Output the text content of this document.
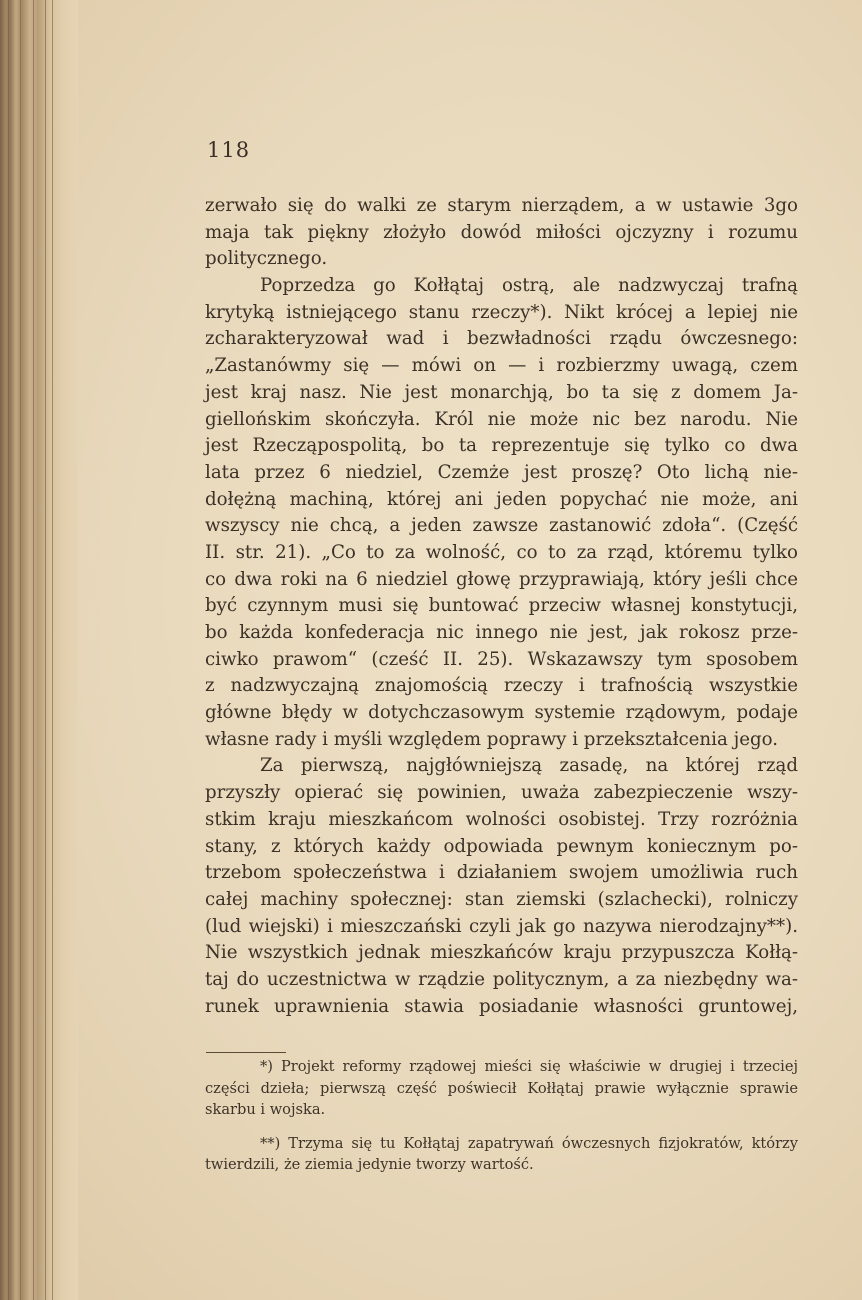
118
zerwało się do walki ze starym nierządem, a w ustawie 3go
maja tak piękny złożyło dowód miłości ojczyzny i rozumu
politycznego.
Poprzedza go Kołłątaj ostrą, ale nadzwyczaj trafną
krytyką istniejącego stanu rzeczy*). Nikt krócej a lepiej nie
zcharakteryzował wad i bezwładności rządu ówczesnego:
„Zastanówmy się — mówi on — i rozbierzmy uwagą, czem
jest kraj nasz. Nie jest monarchją, bo ta się z domem Ja-
giellońskim skończyła. Król nie może nic bez narodu. Nie
jest Rzecząpospolitą, bo ta reprezentuje się tylko co dwa
lata przez 6 niedziel, Czemże jest proszę? Oto lichą nie-
dołężną machiną, której ani jeden popychać nie może, ani
wszyscy nie chcą, a jeden zawsze zastanowić zdoła“. (Część
II. str. 21). „Co to za wolność, co to za rząd, któremu tylko
co dwa roki na 6 niedziel głowę przyprawiają, który jeśli chce
być czynnym musi się buntować przeciw własnej konstytucji,
bo każda konfederacja nic innego nie jest, jak rokosz prze-
ciwko prawom“ (cześć II. 25). Wskazawszy tym sposobem
z nadzwyczajną znajomością rzeczy i trafnością wszystkie
główne błędy w dotychczasowym systemie rządowym, podaje
własne rady i myśli względem poprawy i przekształcenia jego.
Za pierwszą, najgłówniejszą zasadę, na której rząd
przyszły opierać się powinien, uważa zabezpieczenie wszy-
stkim kraju mieszkańcom wolności osobistej. Trzy rozróżnia
stany, z których każdy odpowiada pewnym koniecznym po-
trzebom społeczeństwa i działaniem swojem umożliwia ruch
całej machiny społecznej: stan ziemski (szlachecki), rolniczy
(lud wiejski) i mieszczański czyli jak go nazywa nierodzajny**).
Nie wszystkich jednak mieszkańców kraju przypuszcza Kołłą-
taj do uczestnictwa w rządzie politycznym, a za niezbędny wa-
runek uprawnienia stawia posiadanie własności gruntowej,
*) Projekt reformy rządowej mieści się właściwie w drugiej i trzeciej
części dzieła; pierwszą część poświecił Kołłątaj prawie wyłącznie sprawie
skarbu i wojska.
**) Trzyma się tu Kołłątaj zapatrywań ówczesnych fizjokratów, którzy
twierdzili, że ziemia jedynie tworzy wartość.
